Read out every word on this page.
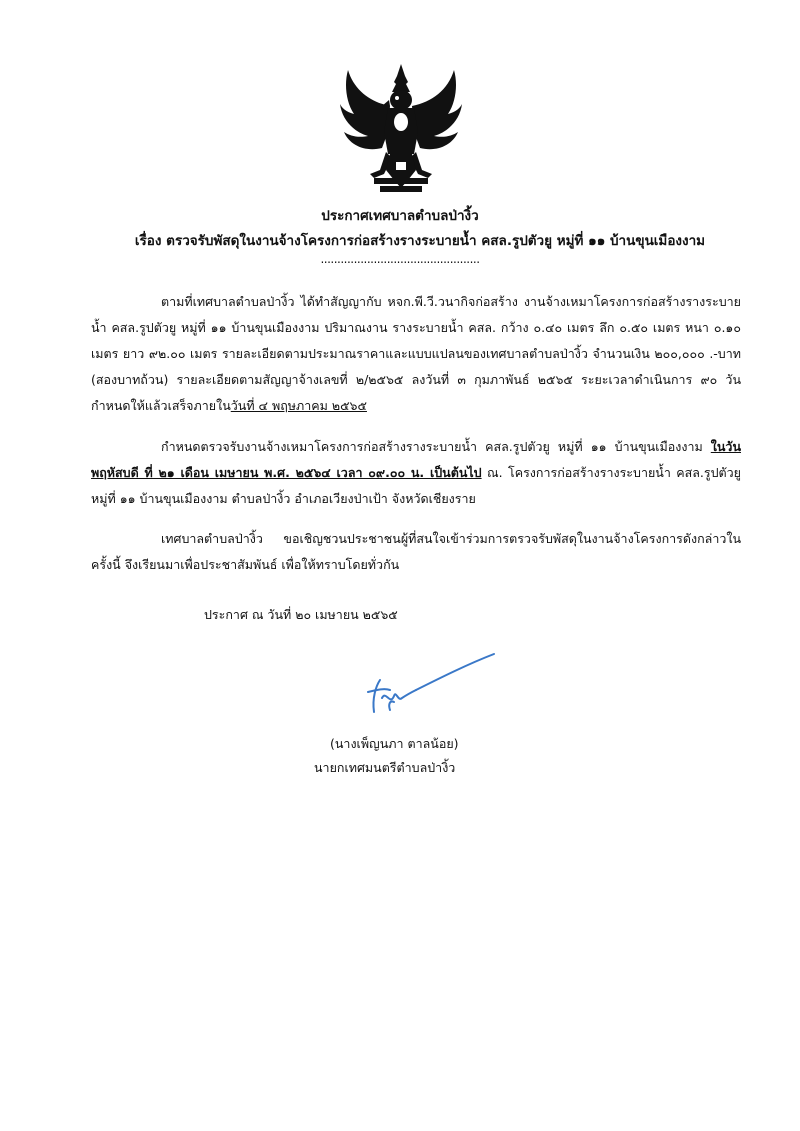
ประกาศเทศบาลตำบลป่างิ้ว
เรื่อง ตรวจรับพัสดุในงานจ้างโครงการก่อสร้างรางระบายน้ำ คสล.รูปตัวยู หมู่ที่ ๑๑ บ้านขุนเมืองงาม
................................................
ตามที่เทศบาลตำบลป่างิ้ว ได้ทำสัญญากับ หจก.พี.วี.วนากิจก่อสร้าง งานจ้างเหมาโครงการก่อสร้างรางระบายน้ำ คสล.รูปตัวยู หมู่ที่ ๑๑ บ้านขุนเมืองงาม ปริมาณงาน รางระบายน้ำ คสล. กว้าง ๐.๔๐ เมตร ลึก ๐.๕๐ เมตร หนา ๐.๑๐ เมตร ยาว ๙๒.๐๐ เมตร รายละเอียดตามประมาณราคาและแบบแปลนของเทศบาลตำบลป่างิ้ว จำนวนเงิน ๒๐๐,๐๐๐ .-บาท (สองบาทถ้วน) รายละเอียดตามสัญญาจ้างเลขที่ ๒/๒๕๖๕ ลงวันที่ ๓ กุมภาพันธ์ ๒๕๖๕ ระยะเวลาดำเนินการ ๙๐ วัน กำหนดให้แล้วเสร็จภายในวันที่ ๔ พฤษภาคม ๒๕๖๕
กำหนดตรวจรับงานจ้างเหมาโครงการก่อสร้างรางระบายน้ำ คสล.รูปตัวยู หมู่ที่ ๑๑ บ้านขุนเมืองงาม ในวัน พฤหัสบดี ที่ ๒๑ เดือน เมษายน พ.ศ. ๒๕๖๔ เวลา ๐๙.๐๐ น. เป็นต้นไป ณ. โครงการก่อสร้างรางระบายน้ำ คสล.รูปตัวยู หมู่ที่ ๑๑ บ้านขุนเมืองงาม ตำบลป่างิ้ว อำเภอเวียงป่าเป้า จังหวัดเชียงราย
เทศบาลตำบลป่างิ้ว ขอเชิญชวนประชาชนผู้ที่สนใจเข้าร่วมการตรวจรับพัสดุในงานจ้างโครงการดังกล่าวในครั้งนี้ จึงเรียนมาเพื่อประชาสัมพันธ์ เพื่อให้ทราบโดยทั่วกัน
ประกาศ ณ วันที่ ๒๐ เมษายน ๒๕๖๕
(นางเพ็ญนภา ตาลน้อย)
นายกเทศมนตรีตำบลป่างิ้ว
